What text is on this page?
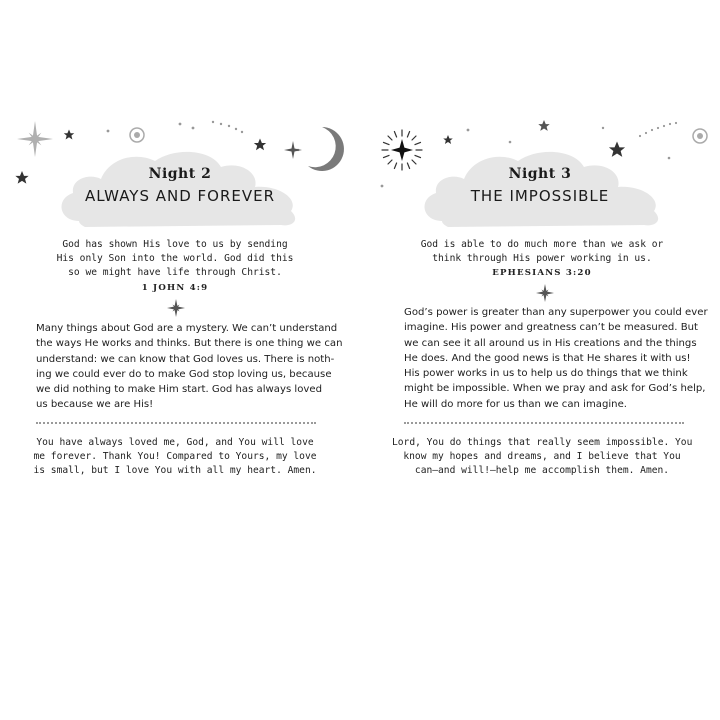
Night 2
ALWAYS AND FOREVER
God has shown His love to us by sending
His only Son into the world. God did this
so we might have life through Christ.
1 JOHN 4:9
Many things about God are a mystery. We can’t understand
the ways He works and thinks. But there is one thing we can
understand: we can know that God loves us. There is noth-
ing we could ever do to make God stop loving us, because
we did nothing to make Him start. God has always loved
us because we are His!
You have always loved me, God, and You will love
me forever. Thank You! Compared to Yours, my love
is small, but I love You with all my heart. Amen.
Night 3
THE IMPOSSIBLE
God is able to do much more than we ask or
think through His power working in us.
EPHESIANS 3:20
God’s power is greater than any superpower you could ever
imagine. His power and greatness can’t be measured. But
we can see it all around us in His creations and the things
He does. And the good news is that He shares it with us!
His power works in us to help us do things that we think
might be impossible. When we pray and ask for God’s help,
He will do more for us than we can imagine.
Lord, You do things that really seem impossible. You
know my hopes and dreams, and I believe that You
can—and will!—help me accomplish them. Amen.
